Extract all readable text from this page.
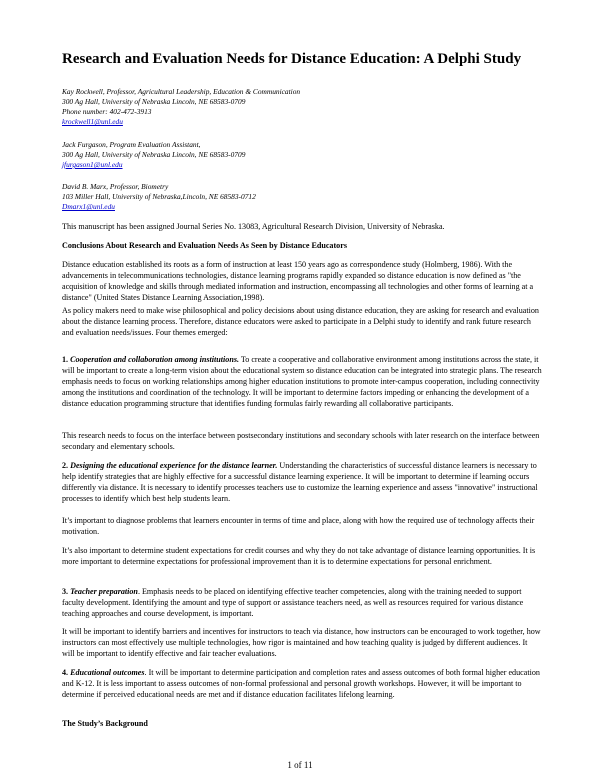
Research and Evaluation Needs for Distance Education: A Delphi Study
Kay Rockwell, Professor, Agricultural Leadership, Education & Communication
300 Ag Hall, University of Nebraska Lincoln, NE 68583-0709
Phone number: 402-472-3913
krockwell1@unl.edu
Jack Furgason, Program Evaluation Assistant,
300 Ag Hall, University of Nebraska Lincoln, NE 68583-0709
jfurgason1@unl.edu
David B. Marx, Professor, Biometry
103 Miller Hall, University of Nebraska,Lincoln, NE 68583-0712
Dmarx1@unl.edu
This manuscript has been assigned Journal Series No. 13083, Agricultural Research Division, University of Nebraska.
Conclusions About Research and Evaluation Needs As Seen by Distance Educators
Distance education established its roots as a form of instruction at least 150 years ago as correspondence study (Holmberg, 1986). With the advancements in telecommunications technologies, distance learning programs rapidly expanded so distance education is now defined as "the acquisition of knowledge and skills through mediated information and instruction, encompassing all technologies and other forms of learning at a distance" (United States Distance Learning Association,1998).
As policy makers need to make wise philosophical and policy decisions about using distance education, they are asking for research and evaluation about the distance learning process. Therefore, distance educators were asked to participate in a Delphi study to identify and rank future research and evaluation needs/issues. Four themes emerged:
1. Cooperation and collaboration among institutions. To create a cooperative and collaborative environment among institutions across the state, it will be important to create a long-term vision about the educational system so distance education can be integrated into strategic plans. The research emphasis needs to focus on working relationships among higher education institutions to promote inter-campus cooperation, including connectivity among the institutions and coordination of the technology. It will be important to determine factors impeding or enhancing the development of a distance education programming structure that identifies funding formulas fairly rewarding all collaborative participants.
This research needs to focus on the interface between postsecondary institutions and secondary schools with later research on the interface between secondary and elementary schools.
2. Designing the educational experience for the distance learner. Understanding the characteristics of successful distance learners is necessary to help identify strategies that are highly effective for a successful distance learning experience. It will be important to determine if learning occurs differently via distance. It is necessary to identify processes teachers use to customize the learning experience and assess "innovative" instructional processes to identify which best help students learn.
It’s important to diagnose problems that learners encounter in terms of time and place, along with how the required use of technology affects their motivation.
It’s also important to determine student expectations for credit courses and why they do not take advantage of distance learning opportunities. It is more important to determine expectations for professional improvement than it is to determine expectations for personal enrichment.
3. Teacher preparation. Emphasis needs to be placed on identifying effective teacher competencies, along with the training needed to support faculty development. Identifying the amount and type of support or assistance teachers need, as well as resources required for various distance teaching approaches and course development, is important.
It will be important to identify barriers and incentives for instructors to teach via distance, how instructors can be encouraged to work together, how instructors can most effectively use multiple technologies, how rigor is maintained and how teaching quality is judged by different audiences. It will be important to identify effective and fair teacher evaluations.
4. Educational outcomes. It will be important to determine participation and completion rates and assess outcomes of both formal higher education and K-12. It is less important to assess outcomes of non-formal professional and personal growth workshops. However, it will be important to determine if perceived educational needs are met and if distance education facilitates lifelong learning.
The Study’s Background
1 of 11
